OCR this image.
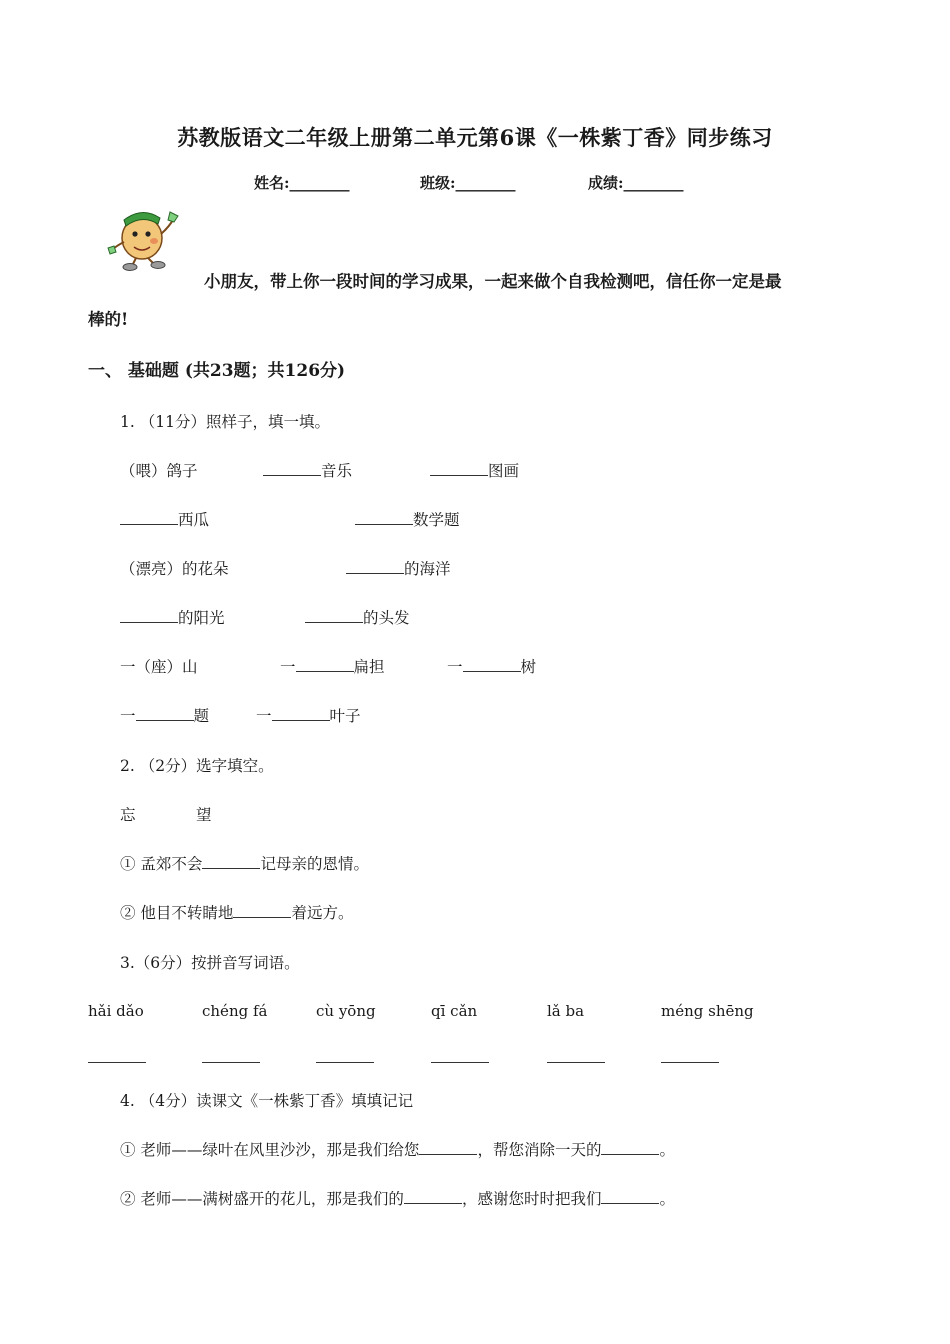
苏教版语文二年级上册第二单元第6课《一株紫丁香》同步练习
姓名:________	班级:________	成绩:________
小朋友，带上你一段时间的学习成果，一起来做个自我检测吧，信任你一定是最
棒的!
一、 基础题 (共23题；共126分)
1. （11分）照样子，填一填。
（喂）鸽子	音乐	图画
西瓜	数学题
（漂亮）的花朵	的海洋
的阳光	的头发
一（座）山	一	扁担	一	树
一	题	一	叶子
2. （2分）选字填空。
忘	望
① 孟郊不会	记母亲的恩情。
② 他目不转睛地	着远方。
3.（6分）按拼音写词语。
hǎi dǎo	chéng fá	cù yōng	qī cǎn	lǎ ba	méng shēng
4. （4分）读课文《一株紫丁香》填填记记
① 老师——绿叶在风里沙沙，那是我们给您	，帮您消除一天的	。
② 老师——满树盛开的花儿，那是我们的	，感谢您时时把我们	。
